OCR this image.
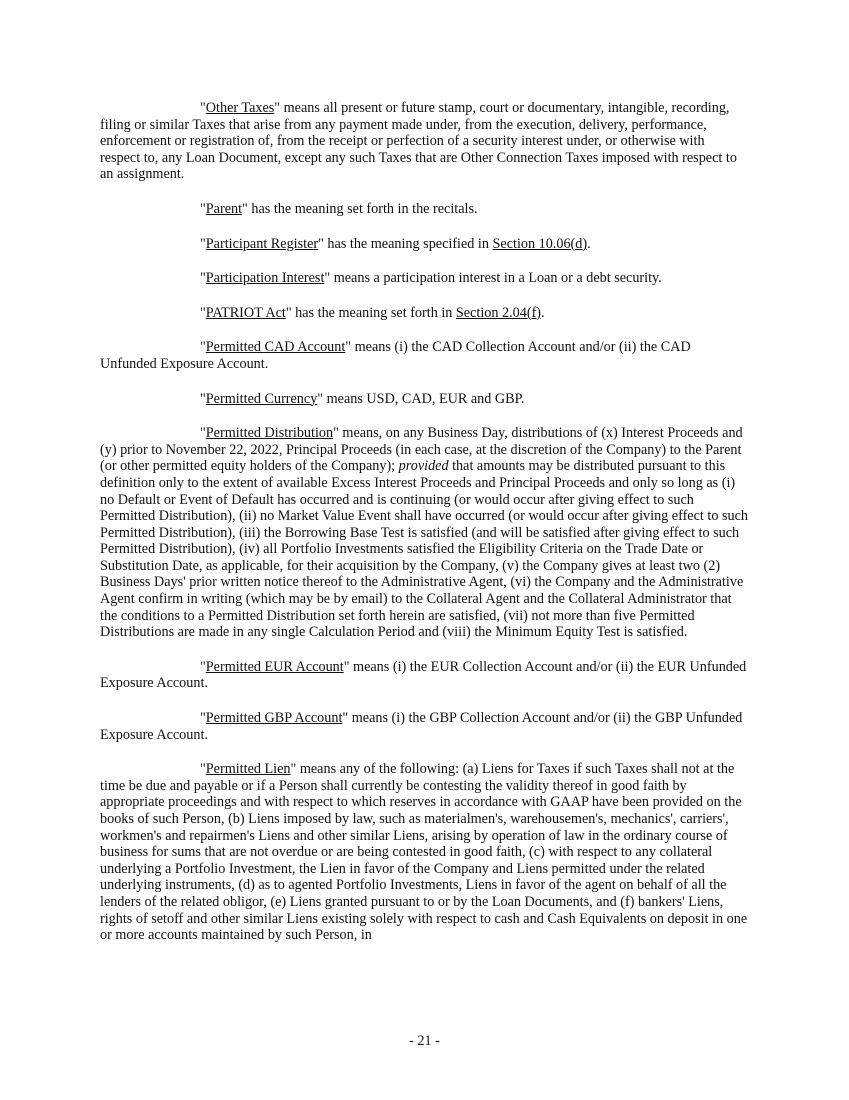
"Other Taxes" means all present or future stamp, court or documentary, intangible, recording, filing or similar Taxes that arise from any payment made under, from the execution, delivery, performance, enforcement or registration of, from the receipt or perfection of a security interest under, or otherwise with respect to, any Loan Document, except any such Taxes that are Other Connection Taxes imposed with respect to an assignment.

"Parent" has the meaning set forth in the recitals.

"Participant Register" has the meaning specified in Section 10.06(d).

"Participation Interest" means a participation interest in a Loan or a debt security.

"PATRIOT Act" has the meaning set forth in Section 2.04(f).

"Permitted CAD Account" means (i) the CAD Collection Account and/or (ii) the CAD Unfunded Exposure Account.

"Permitted Currency" means USD, CAD, EUR and GBP.

"Permitted Distribution" means, on any Business Day, distributions of (x) Interest Proceeds and (y) prior to November 22, 2022, Principal Proceeds (in each case, at the discretion of the Company) to the Parent (or other permitted equity holders of the Company); provided that amounts may be distributed pursuant to this definition only to the extent of available Excess Interest Proceeds and Principal Proceeds and only so long as (i) no Default or Event of Default has occurred and is continuing (or would occur after giving effect to such Permitted Distribution), (ii) no Market Value Event shall have occurred (or would occur after giving effect to such Permitted Distribution), (iii) the Borrowing Base Test is satisfied (and will be satisfied after giving effect to such Permitted Distribution), (iv) all Portfolio Investments satisfied the Eligibility Criteria on the Trade Date or Substitution Date, as applicable, for their acquisition by the Company, (v) the Company gives at least two (2) Business Days' prior written notice thereof to the Administrative Agent, (vi) the Company and the Administrative Agent confirm in writing (which may be by email) to the Collateral Agent and the Collateral Administrator that the conditions to a Permitted Distribution set forth herein are satisfied, (vii) not more than five Permitted Distributions are made in any single Calculation Period and (viii) the Minimum Equity Test is satisfied.

"Permitted EUR Account" means (i) the EUR Collection Account and/or (ii) the EUR Unfunded Exposure Account.

"Permitted GBP Account" means (i) the GBP Collection Account and/or (ii) the GBP Unfunded Exposure Account.

"Permitted Lien" means any of the following: (a) Liens for Taxes if such Taxes shall not at the time be due and payable or if a Person shall currently be contesting the validity thereof in good faith by appropriate proceedings and with respect to which reserves in accordance with GAAP have been provided on the books of such Person, (b) Liens imposed by law, such as materialmen's, warehousemen's, mechanics', carriers', workmen's and repairmen's Liens and other similar Liens, arising by operation of law in the ordinary course of business for sums that are not overdue or are being contested in good faith, (c) with respect to any collateral underlying a Portfolio Investment, the Lien in favor of the Company and Liens permitted under the related underlying instruments, (d) as to agented Portfolio Investments, Liens in favor of the agent on behalf of all the lenders of the related obligor, (e) Liens granted pursuant to or by the Loan Documents, and (f) bankers' Liens, rights of setoff and other similar Liens existing solely with respect to cash and Cash Equivalents on deposit in one or more accounts maintained by such Person, in

- 21 -
